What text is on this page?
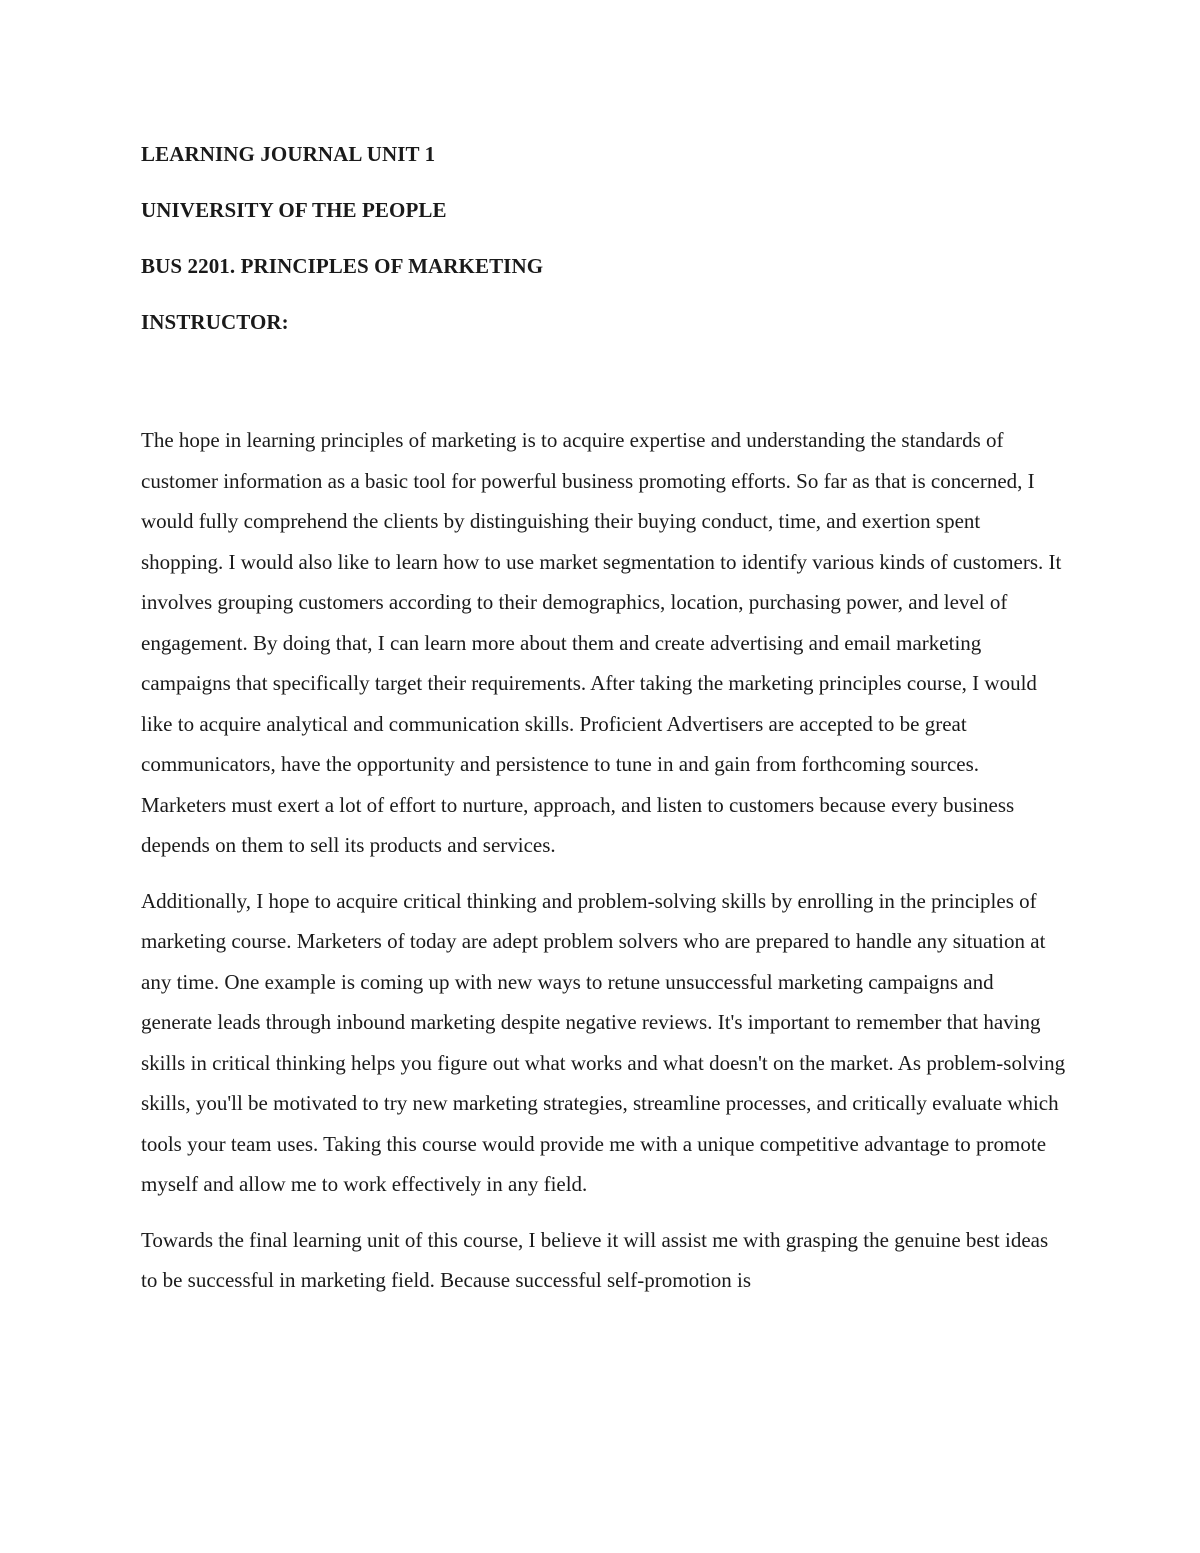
LEARNING JOURNAL UNIT 1

UNIVERSITY OF THE PEOPLE

BUS 2201. PRINCIPLES OF MARKETING

INSTRUCTOR:

The hope in learning principles of marketing is to acquire expertise and understanding the standards of customer information as a basic tool for powerful business promoting efforts. So far as that is concerned, I would fully comprehend the clients by distinguishing their buying conduct, time, and exertion spent shopping. I would also like to learn how to use market segmentation to identify various kinds of customers. It involves grouping customers according to their demographics, location, purchasing power, and level of engagement. By doing that, I can learn more about them and create advertising and email marketing campaigns that specifically target their requirements. After taking the marketing principles course, I would like to acquire analytical and communication skills. Proficient Advertisers are accepted to be great communicators, have the opportunity and persistence to tune in and gain from forthcoming sources. Marketers must exert a lot of effort to nurture, approach, and listen to customers because every business depends on them to sell its products and services.

Additionally, I hope to acquire critical thinking and problem-solving skills by enrolling in the principles of marketing course. Marketers of today are adept problem solvers who are prepared to handle any situation at any time. One example is coming up with new ways to retune unsuccessful marketing campaigns and generate leads through inbound marketing despite negative reviews. It's important to remember that having skills in critical thinking helps you figure out what works and what doesn't on the market. As problem-solving skills, you'll be motivated to try new marketing strategies, streamline processes, and critically evaluate which tools your team uses. Taking this course would provide me with a unique competitive advantage to promote myself and allow me to work effectively in any field.

Towards the final learning unit of this course, I believe it will assist me with grasping the genuine best ideas to be successful in marketing field. Because successful self-promotion is
